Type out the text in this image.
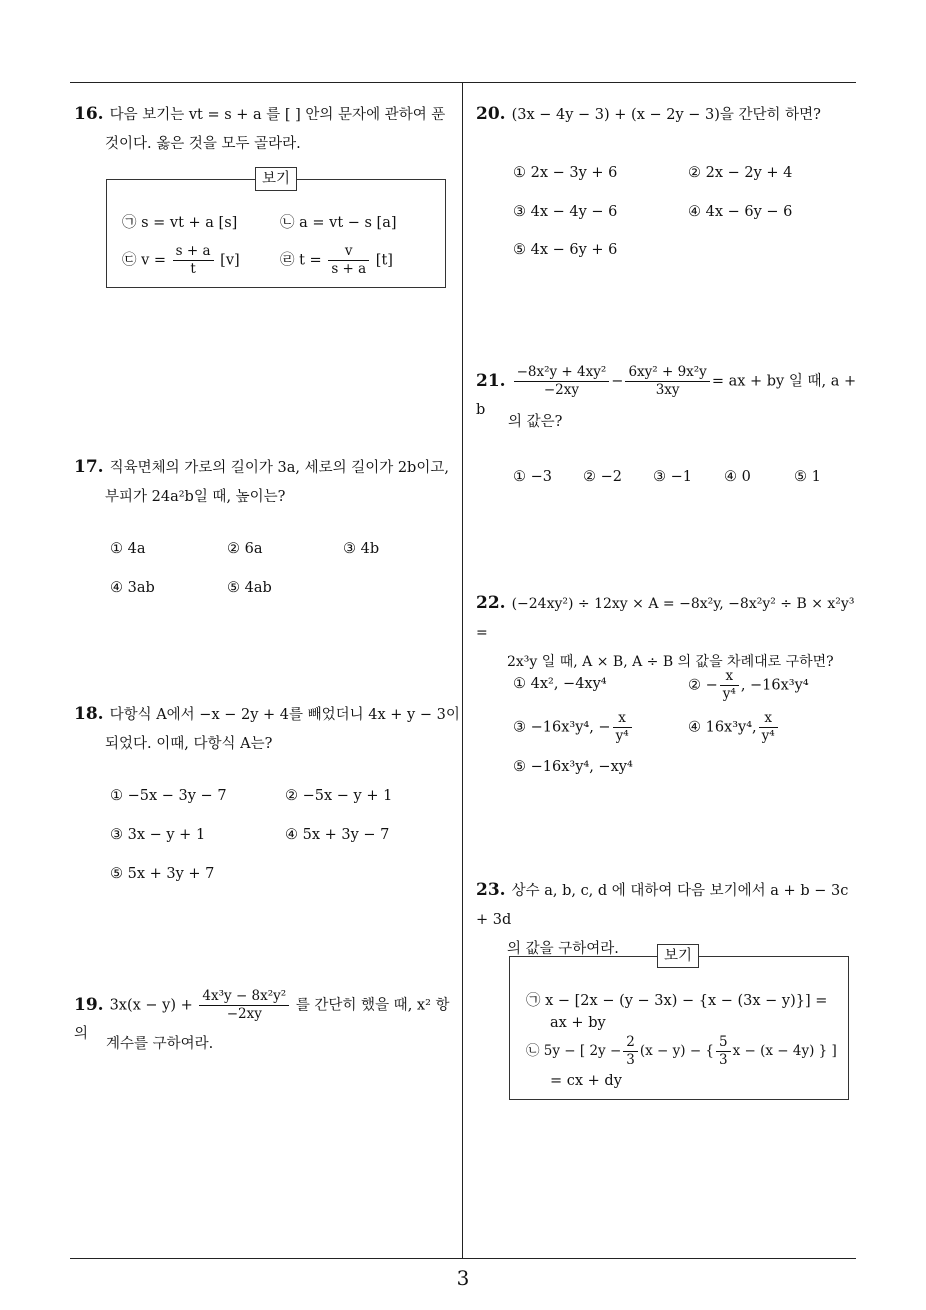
3
16. 다음 보기는 vt = s + a 를 [ ] 안의 문자에 관하여 푼
것이다. 옳은 것을 모두 골라라.
보기
㉠ s = vt + a [s]	㉡ a = vt − s [a]
㉢ $v = \frac{s + a}{t} [v]$	㉣ $t = \frac{v}{s + a} [t]$
17. 직육면체의 가로의 길이가 3a, 세로의 길이가 2b이고,
부피가 24a²b일 때, 높이는?
① 4a	② 6a	③ 4b
④ 3ab	⑤ 4ab
18. 다항식 A에서 −x − 2y + 4를 빼었더니 4x + y − 3이
되었다. 이때, 다항식 A는?
① −5x − 3y − 7	② −5x − y + 1
③ 3x − y + 1	④ 5x + 3y − 7
⑤ 5x + 3y + 7
19. $3x(x - y) + \frac{\text{4x³y − 8x²y²}}{-2xy}$ 를 간단히 했을 때, x² 항의
계수를 구하여라.
20. (3x − 4y − 3) + (x − 2y − 3)을 간단히 하면?
① 2x − 3y + 6	② 2x − 2y + 4
③ 4x − 4y − 6	④ 4x − 6y − 6
⑤ 4x − 6y + 6
21. $\frac{\text{−8x²y + 4xy²}}{-2xy} - \frac{\text{6xy² + 9x²y}}{3xy}$ = ax + by 일 때, a + b
의 값은?
① −3 ② −2 ③ −1 ④ 0	⑤ 1
22. (−24xy²) ÷ 12xy × A = −8x²y, −8x²y² ÷ B × x²y³ =
2x³y 일 때, A × B, A ÷ B 의 값을 차례대로 구하면?
① 4x², −4xy⁴	② − $\frac{x}{\text{y⁴}}$ , −16x³y⁴
③ −16x³y⁴, − $\frac{x}{\text{y⁴}}$	④ 16x³y⁴, $\frac{x}{\text{y⁴}}$
⑤ −16x³y⁴, −xy⁴
23. 상수 a, b, c, d 에 대하여 다음 보기에서 a + b − 3c + 3d
의 값을 구하여라.	보기
㉠ x − [2x − (y − 3x) − {x − (3x − y)}] =
ax + by
㉡ 5y − [ $2y - \frac{2}{3} (x - y)$ − { $\frac{5}{3}$ x − (x − 4y) } ]
= cx + dy
